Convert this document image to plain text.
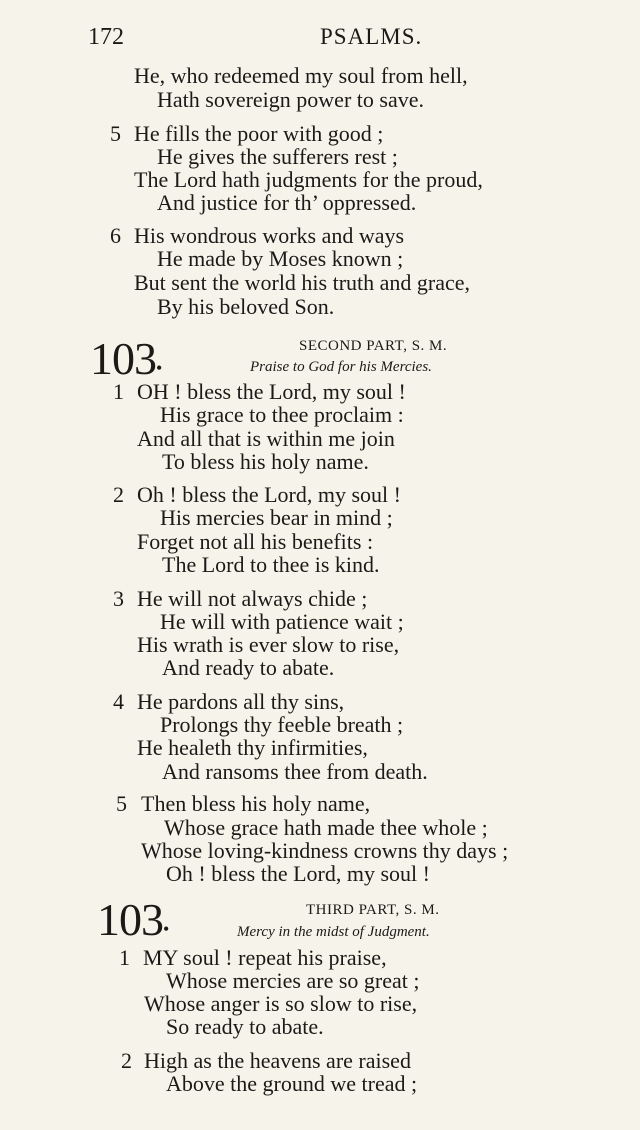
172	PSALMS.
He, who redeemed my soul from hell,
Hath sovereign power to save.
5 He fills the poor with good ;
He gives the sufferers rest ;
The Lord hath judgments for the proud,
And justice for th’ oppressed.
6 His wondrous works and ways
He made by Moses known ;
But sent the world his truth and grace,
By his beloved Son.
103•
SECOND PART, S. M.
Praise to God for his Mercies.
1 OH ! bless the Lord, my soul !
His grace to thee proclaim :
And all that is within me join
To bless his holy name.
2 Oh ! bless the Lord, my soul !
His mercies bear in mind ;
Forget not all his benefits :
The Lord to thee is kind.
3 He will not always chide ;
He will with patience wait ;
His wrath is ever slow to rise,
And ready to abate.
4 He pardons all thy sins,
Prolongs thy feeble breath ;
He healeth thy infirmities,
And ransoms thee from death.
5 Then bless his holy name,
Whose grace hath made thee whole ;
Whose loving-kindness crowns thy days ;
Oh ! bless the Lord, my soul !
103•
THIRD PART, S. M.
Mercy in the midst of Judgment.
1 MY soul ! repeat his praise,
Whose mercies are so great ;
Whose anger is so slow to rise,
So ready to abate.
2 High as the heavens are raised
Above the ground we tread ;
